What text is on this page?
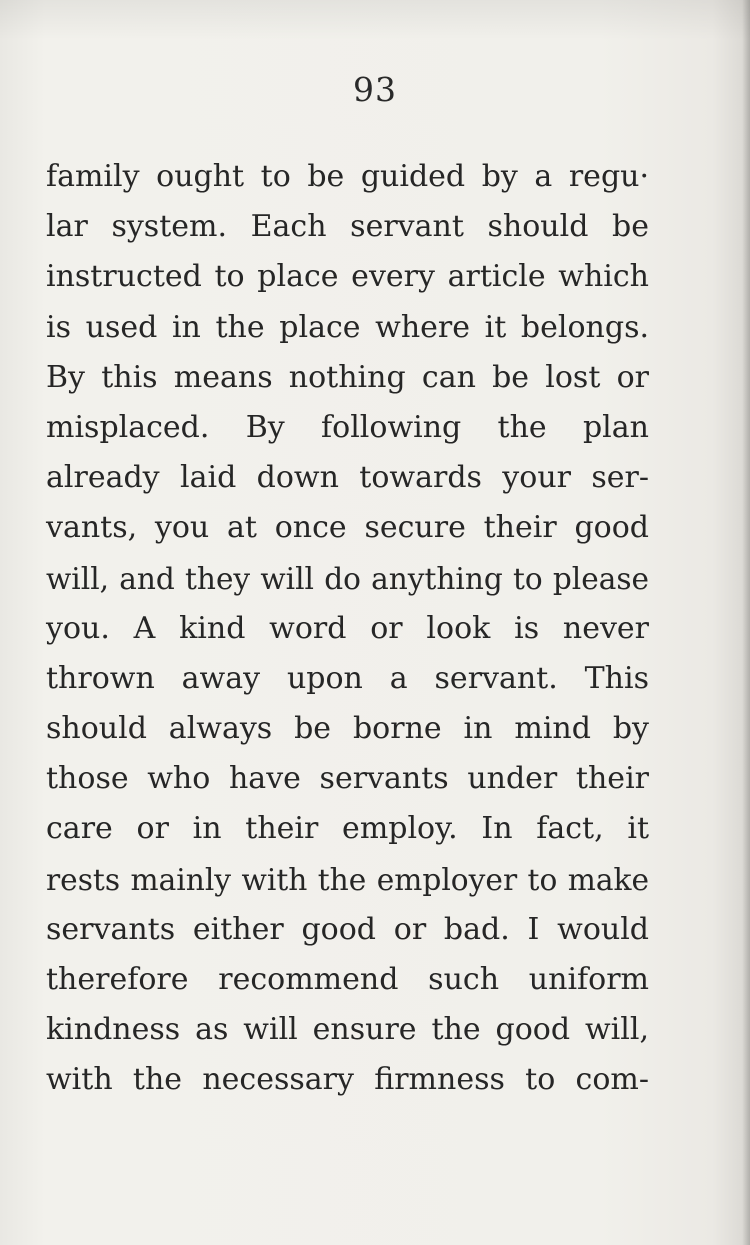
93
family ought to be guided by a regu·
lar system. Each servant should be
instructed to place every article which
is used in the place where it belongs.
By this means nothing can be lost or
misplaced. By following the plan
already laid down towards your ser-
vants, you at once secure their good
will, and they will do anything to please
you. A kind word or look is never
thrown away upon a servant. This
should always be borne in mind by
those who have servants under their
care or in their employ. In fact, it
rests mainly with the employer to make
servants either good or bad. I would
therefore recommend such uniform
kindness as will ensure the good will,
with the necessary firmness to com-
